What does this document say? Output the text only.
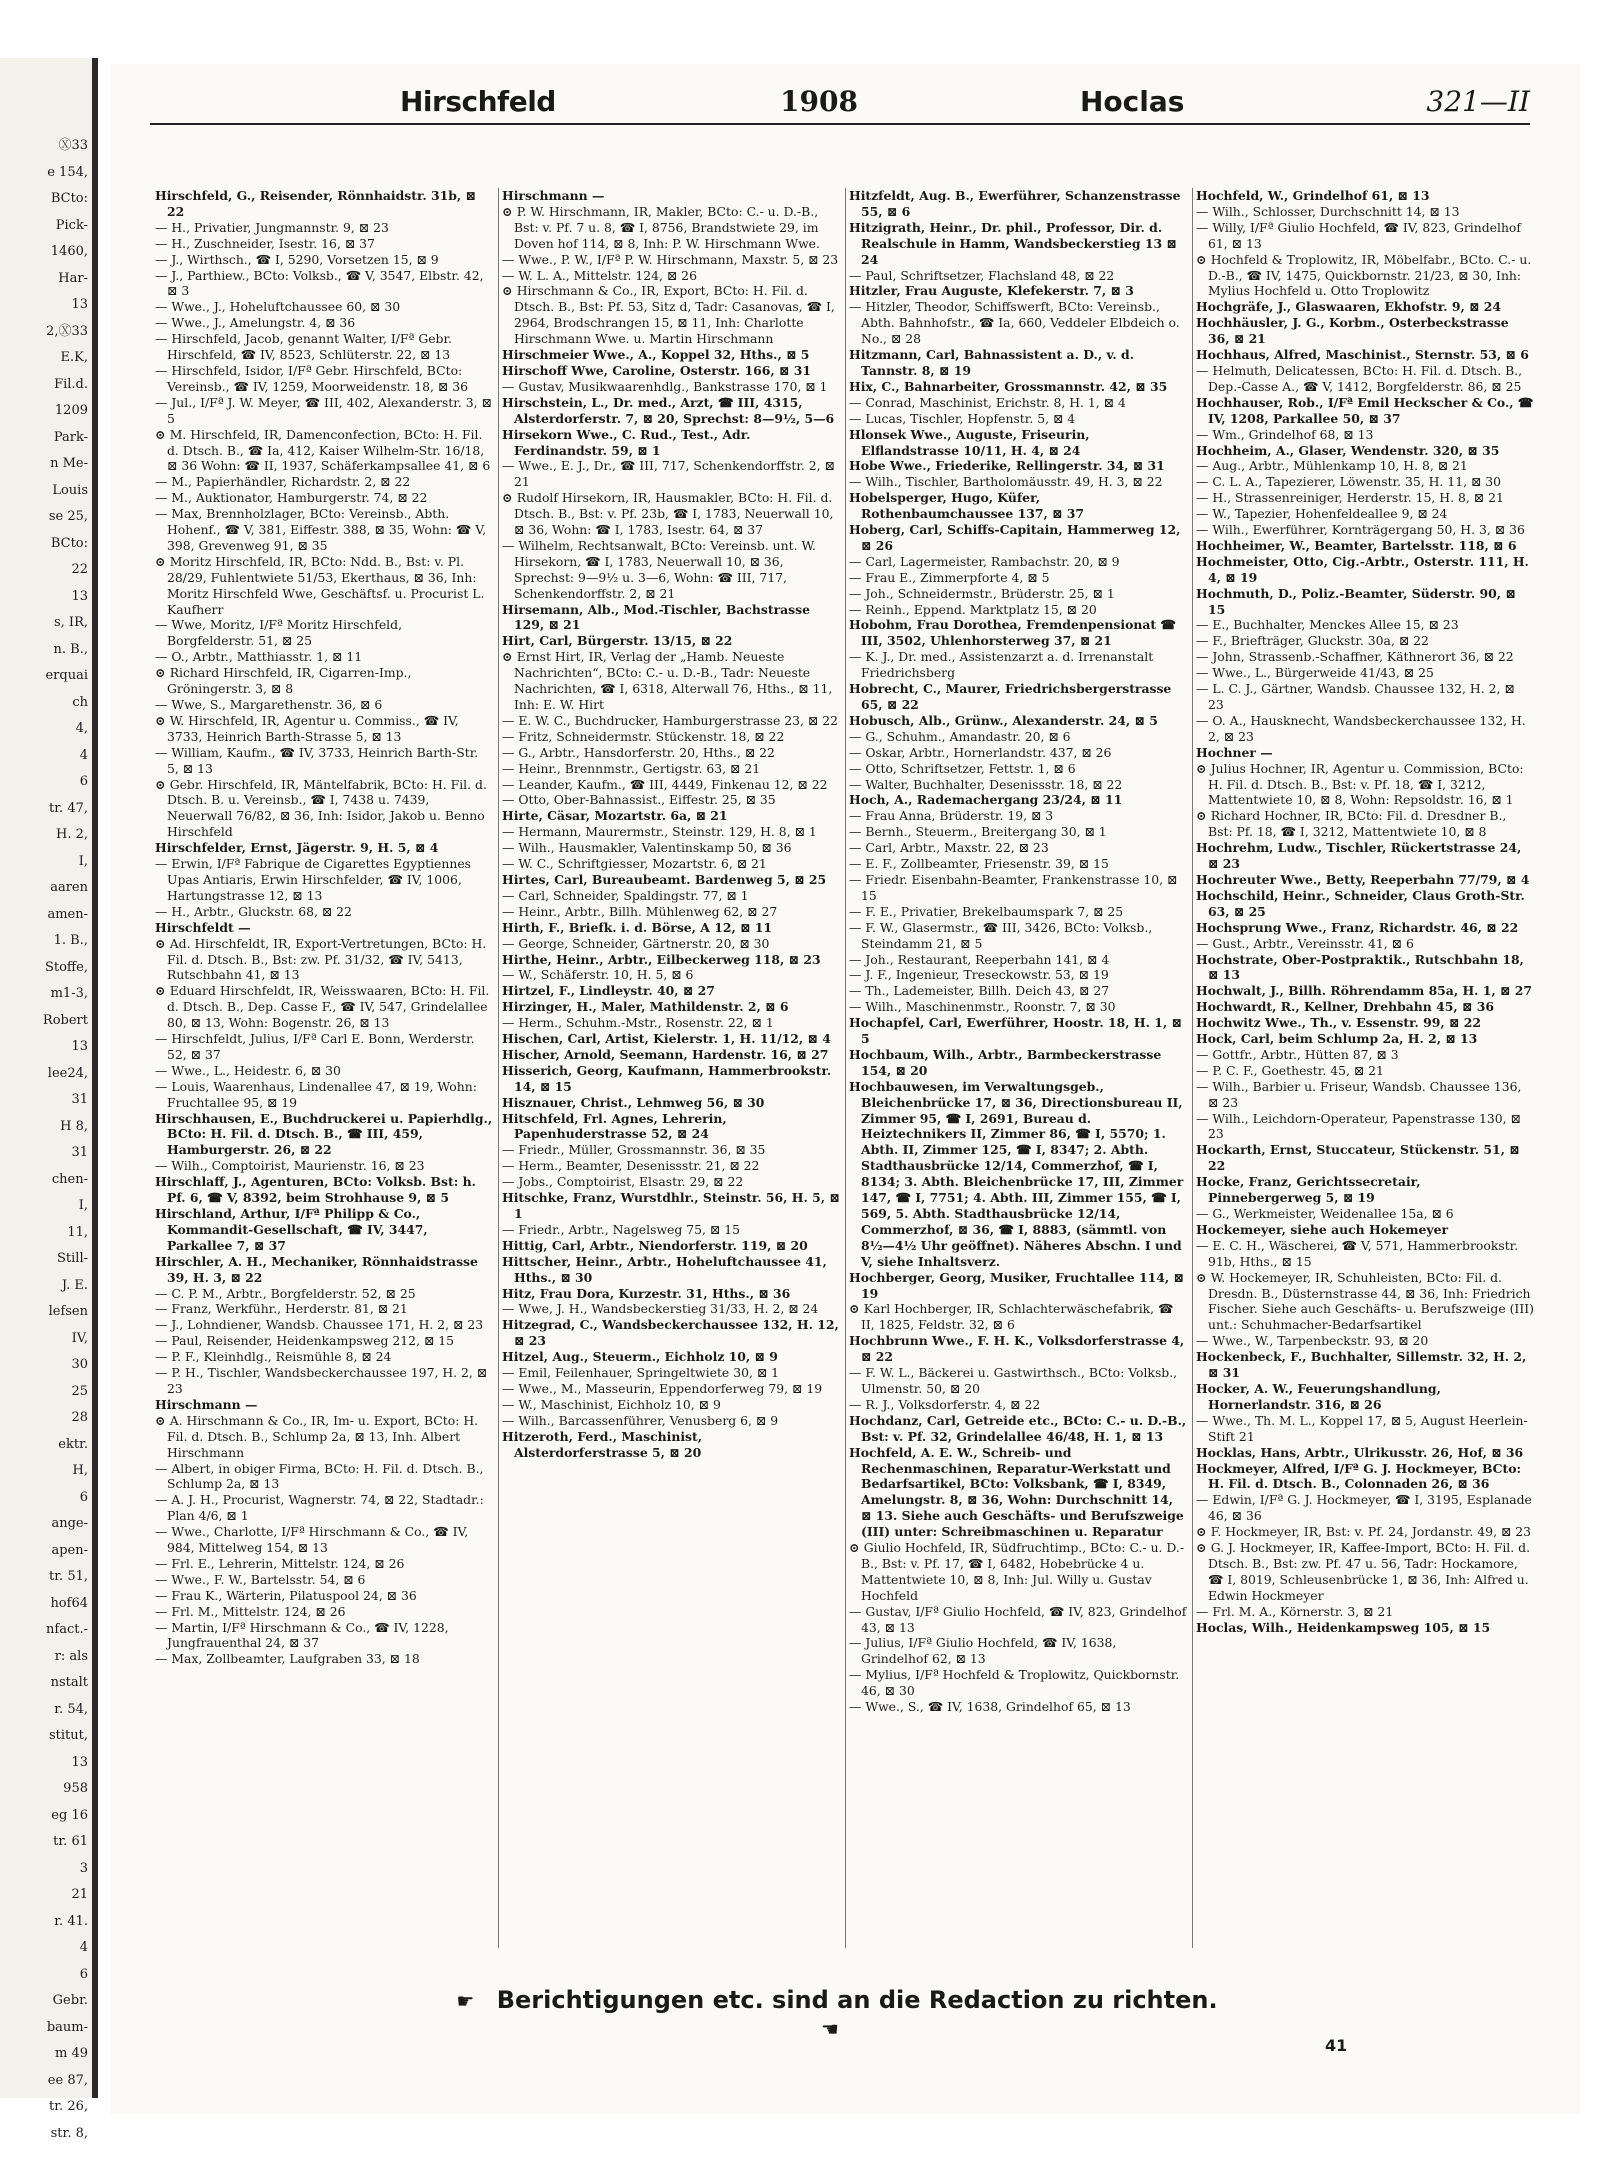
Ⓧ33
e 154,
BCto:
Pick-
1460,
Har-
13
2,Ⓧ33
E.K,
Fil.d.
1209
Park-
n Me-
Louis
se 25,
BCto:
22
13
s, IR,
n. B.,
erquai
ch
4,
4
6
tr. 47,
H. 2,
I,
aaren
amen-
1. B.,
Stoffe,
m1-3,
Robert
13
lee24,
31
H 8,
31
chen-
I,
11,
Still-
J. E.
lefsen
IV,
30
25
28
ektr.
H,
6
ange-
apen-
tr. 51,
hof64
nfact.-
r: als
nstalt
r. 54,
stitut,
13
958
eg 16
tr. 61
3
21
r. 41.
4
6
Gebr.
baum-
m 49
ee 87,
tr. 26,
str. 8,
Hirschfeld	1908	Hoclas	321—II
Hirschfeld, G., Reisender, Rönnhaidstr. 31b, ⊠ 22
— H., Privatier, Jungmannstr. 9, ⊠ 23
— H., Zuschneider, Isestr. 16, ⊠ 37
— J., Wirthsch., ☎ I, 5290, Vorsetzen 15, ⊠ 9
— J., Parthiew., BCto: Volksb., ☎ V, 3547, Elbstr. 42, ⊠ 3
— Wwe., J., Hoheluftchaussee 60, ⊠ 30
— Wwe., J., Amelungstr. 4, ⊠ 36
— Hirschfeld, Jacob, genannt Walter, I/Fª Gebr. Hirschfeld, ☎ IV, 8523, Schlüterstr. 22, ⊠ 13
— Hirschfeld, Isidor, I/Fª Gebr. Hirschfeld, BCto: Vereinsb., ☎ IV, 1259, Moorweidenstr. 18, ⊠ 36
— Jul., I/Fª J. W. Meyer, ☎ III, 402, Alexanderstr. 3, ⊠ 5
⊙ M. Hirschfeld, IR, Damenconfection, BCto: H. Fil. d. Dtsch. B., ☎ Ia, 412, Kaiser Wilhelm-Str. 16/18, ⊠ 36 Wohn: ☎ II, 1937, Schäferkampsallee 41, ⊠ 6
— M., Papierhändler, Richardstr. 2, ⊠ 22
— M., Auktionator, Hamburgerstr. 74, ⊠ 22
— Max, Brennholzlager, BCto: Vereinsb., Abth. Hohenf., ☎ V, 381, Eiffestr. 388, ⊠ 35, Wohn: ☎ V, 398, Grevenweg 91, ⊠ 35
⊙ Moritz Hirschfeld, IR, BCto: Ndd. B., Bst: v. Pl. 28/29, Fuhlentwiete 51/53, Ekerthaus, ⊠ 36, Inh: Moritz Hirschfeld Wwe, Geschäftsf. u. Procurist L. Kaufherr
— Wwe, Moritz, I/Fª Moritz Hirschfeld, Borgfelderstr. 51, ⊠ 25
— O., Arbtr., Matthiasstr. 1, ⊠ 11
⊙ Richard Hirschfeld, IR, Cigarren-Imp., Gröningerstr. 3, ⊠ 8
— Wwe, S., Margarethenstr. 36, ⊠ 6
⊙ W. Hirschfeld, IR, Agentur u. Commiss., ☎ IV, 3733, Heinrich Barth-Strasse 5, ⊠ 13
— William, Kaufm., ☎ IV, 3733, Heinrich Barth-Str. 5, ⊠ 13
⊙ Gebr. Hirschfeld, IR, Mäntelfabrik, BCto: H. Fil. d. Dtsch. B. u. Vereinsb., ☎ I, 7438 u. 7439, Neuerwall 76/82, ⊠ 36, Inh: Isidor, Jakob u. Benno Hirschfeld
Hirschfelder, Ernst, Jägerstr. 9, H. 5, ⊠ 4
— Erwin, I/Fª Fabrique de Cigarettes Egyptiennes Upas Antiaris, Erwin Hirschfelder, ☎ IV, 1006, Hartungstrasse 12, ⊠ 13
— H., Arbtr., Gluckstr. 68, ⊠ 22
Hirschfeldt —
⊙ Ad. Hirschfeldt, IR, Export-Vertretungen, BCto: H. Fil. d. Dtsch. B., Bst: zw. Pf. 31/32, ☎ IV, 5413, Rutschbahn 41, ⊠ 13
⊙ Eduard Hirschfeldt, IR, Weisswaaren, BCto: H. Fil. d. Dtsch. B., Dep. Casse F., ☎ IV, 547, Grindelallee 80, ⊠ 13, Wohn: Bogenstr. 26, ⊠ 13
— Hirschfeldt, Julius, I/Fª Carl E. Bonn, Werderstr. 52, ⊠ 37
— Wwe., L., Heidestr. 6, ⊠ 30
— Louis, Waarenhaus, Lindenallee 47, ⊠ 19, Wohn: Fruchtallee 95, ⊠ 19
Hirschhausen, E., Buchdruckerei u. Papierhdlg., BCto: H. Fil. d. Dtsch. B., ☎ III, 459, Hamburgerstr. 26, ⊠ 22
— Wilh., Comptoirist, Maurienstr. 16, ⊠ 23
Hirschlaff, J., Agenturen, BCto: Volksb. Bst: h. Pf. 6, ☎ V, 8392, beim Strohhause 9, ⊠ 5
Hirschland, Arthur, I/Fª Philipp & Co., Kommandit-Gesellschaft, ☎ IV, 3447, Parkallee 7, ⊠ 37
Hirschler, A. H., Mechaniker, Rönnhaidstrasse 39, H. 3, ⊠ 22
— C. P. M., Arbtr., Borgfelderstr. 52, ⊠ 25
— Franz, Werkführ., Herderstr. 81, ⊠ 21
— J., Lohndiener, Wandsb. Chaussee 171, H. 2, ⊠ 23
— Paul, Reisender, Heidenkampsweg 212, ⊠ 15
— P. F., Kleinhdlg., Reismühle 8, ⊠ 24
— P. H., Tischler, Wandsbeckerchaussee 197, H. 2, ⊠ 23
Hirschmann —
⊙ A. Hirschmann & Co., IR, Im- u. Export, BCto: H. Fil. d. Dtsch. B., Schlump 2a, ⊠ 13, Inh. Albert Hirschmann
— Albert, in obiger Firma, BCto: H. Fil. d. Dtsch. B., Schlump 2a, ⊠ 13
— A. J. H., Procurist, Wagnerstr. 74, ⊠ 22, Stadtadr.: Plan 4/6, ⊠ 1
— Wwe., Charlotte, I/Fª Hirschmann & Co., ☎ IV, 984, Mittelweg 154, ⊠ 13
— Frl. E., Lehrerin, Mittelstr. 124, ⊠ 26
— Wwe., F. W., Bartelsstr. 54, ⊠ 6
— Frau K., Wärterin, Pilatuspool 24, ⊠ 36
— Frl. M., Mittelstr. 124, ⊠ 26
— Martin, I/Fª Hirschmann & Co., ☎ IV, 1228, Jungfrauenthal 24, ⊠ 37
— Max, Zollbeamter, Laufgraben 33, ⊠ 18
Hirschmann —
⊙ P. W. Hirschmann, IR, Makler, BCto: C.- u. D.-B., Bst: v. Pf. 7 u. 8, ☎ I, 8756, Brandstwiete 29, im Doven hof 114, ⊠ 8, Inh: P. W. Hirschmann Wwe.
— Wwe., P. W., I/Fª P. W. Hirschmann, Maxstr. 5, ⊠ 23
— W. L. A., Mittelstr. 124, ⊠ 26
⊙ Hirschmann & Co., IR, Export, BCto: H. Fil. d. Dtsch. B., Bst: Pf. 53, Sitz d, Tadr: Casanovas, ☎ I, 2964, Brodschrangen 15, ⊠ 11, Inh: Charlotte Hirschmann Wwe. u. Martin Hirschmann
Hirschmeier Wwe., A., Koppel 32, Hths., ⊠ 5
Hirschoff Wwe, Caroline, Osterstr. 166, ⊠ 31
— Gustav, Musikwaarenhdlg., Bankstrasse 170, ⊠ 1
Hirschstein, L., Dr. med., Arzt, ☎ III, 4315, Alsterdorferstr. 7, ⊠ 20, Sprechst: 8—9½, 5—6
Hirsekorn Wwe., C. Rud., Test., Adr. Ferdinandstr. 59, ⊠ 1
— Wwe., E. J., Dr., ☎ III, 717, Schenkendorffstr. 2, ⊠ 21
⊙ Rudolf Hirsekorn, IR, Hausmakler, BCto: H. Fil. d. Dtsch. B., Bst: v. Pf. 23b, ☎ I, 1783, Neuerwall 10, ⊠ 36, Wohn: ☎ I, 1783, Isestr. 64, ⊠ 37
— Wilhelm, Rechtsanwalt, BCto: Vereinsb. unt. W. Hirsekorn, ☎ I, 1783, Neuerwall 10, ⊠ 36, Sprechst: 9—9½ u. 3—6, Wohn: ☎ III, 717, Schenkendorffstr. 2, ⊠ 21
Hirsemann, Alb., Mod.-Tischler, Bachstrasse 129, ⊠ 21
Hirt, Carl, Bürgerstr. 13/15, ⊠ 22
⊙ Ernst Hirt, IR, Verlag der „Hamb. Neueste Nachrichten“, BCto: C.- u. D.-B., Tadr: Neueste Nachrichten, ☎ I, 6318, Alterwall 76, Hths., ⊠ 11, Inh: E. W. Hirt
— E. W. C., Buchdrucker, Hamburgerstrasse 23, ⊠ 22
— Fritz, Schneidermstr. Stückenstr. 18, ⊠ 22
— G., Arbtr., Hansdorferstr. 20, Hths., ⊠ 22
— Heinr., Brennmstr., Gertigstr. 63, ⊠ 21
— Leander, Kaufm., ☎ III, 4449, Finkenau 12, ⊠ 22
— Otto, Ober-Bahnassist., Eiffestr. 25, ⊠ 35
Hirte, Cäsar, Mozartstr. 6a, ⊠ 21
— Hermann, Maurermstr., Steinstr. 129, H. 8, ⊠ 1
— Wilh., Hausmakler, Valentinskamp 50, ⊠ 36
— W. C., Schriftgiesser, Mozartstr. 6, ⊠ 21
Hirtes, Carl, Bureaubeamt. Bardenweg 5, ⊠ 25
— Carl, Schneider, Spaldingstr. 77, ⊠ 1
— Heinr., Arbtr., Billh. Mühlenweg 62, ⊠ 27
Hirth, F., Briefk. i. d. Börse, A 12, ⊠ 11
— George, Schneider, Gärtnerstr. 20, ⊠ 30
Hirthe, Heinr., Arbtr., Eilbeckerweg 118, ⊠ 23
— W., Schäferstr. 10, H. 5, ⊠ 6
Hirtzel, F., Lindleystr. 40, ⊠ 27
Hirzinger, H., Maler, Mathildenstr. 2, ⊠ 6
— Herm., Schuhm.-Mstr., Rosenstr. 22, ⊠ 1
Hischen, Carl, Artist, Kielerstr. 1, H. 11/12, ⊠ 4
Hischer, Arnold, Seemann, Hardenstr. 16, ⊠ 27
Hisserich, Georg, Kaufmann, Hammerbrookstr. 14, ⊠ 15
Hisznauer, Christ., Lehmweg 56, ⊠ 30
Hitschfeld, Frl. Agnes, Lehrerin, Papenhuderstrasse 52, ⊠ 24
— Friedr., Müller, Grossmannstr. 36, ⊠ 35
— Herm., Beamter, Desenissstr. 21, ⊠ 22
— Jobs., Comptoirist, Elsastr. 29, ⊠ 22
Hitschke, Franz, Wurstdhlr., Steinstr. 56, H. 5, ⊠ 1
— Friedr., Arbtr., Nagelsweg 75, ⊠ 15
Hittig, Carl, Arbtr., Niendorferstr. 119, ⊠ 20
Hittscher, Heinr., Arbtr., Hoheluftchaussee 41, Hths., ⊠ 30
Hitz, Frau Dora, Kurzestr. 31, Hths., ⊠ 36
— Wwe, J. H., Wandsbeckerstieg 31/33, H. 2, ⊠ 24
Hitzegrad, C., Wandsbeckerchaussee 132, H. 12, ⊠ 23
Hitzel, Aug., Steuerm., Eichholz 10, ⊠ 9
— Emil, Feilenhauer, Springeltwiete 30, ⊠ 1
— Wwe., M., Masseurin, Eppendorferweg 79, ⊠ 19
— W., Maschinist, Eichholz 10, ⊠ 9
— Wilh., Barcassenführer, Venusberg 6, ⊠ 9
Hitzeroth, Ferd., Maschinist, Alsterdorferstrasse 5, ⊠ 20
Hitzfeldt, Aug. B., Ewerführer, Schanzenstrasse 55, ⊠ 6
Hitzigrath, Heinr., Dr. phil., Professor, Dir. d. Realschule in Hamm, Wandsbeckerstieg 13 ⊠ 24
— Paul, Schriftsetzer, Flachsland 48, ⊠ 22
Hitzler, Frau Auguste, Klefekerstr. 7, ⊠ 3
— Hitzler, Theodor, Schiffswerft, BCto: Vereinsb., Abth. Bahnhofstr., ☎ Ia, 660, Veddeler Elbdeich o. No., ⊠ 28
Hitzmann, Carl, Bahnassistent a. D., v. d. Tannstr. 8, ⊠ 19
Hix, C., Bahnarbeiter, Grossmannstr. 42, ⊠ 35
— Conrad, Maschinist, Erichstr. 8, H. 1, ⊠ 4
— Lucas, Tischler, Hopfenstr. 5, ⊠ 4
Hlonsek Wwe., Auguste, Friseurin, Elflandstrasse 10/11, H. 4, ⊠ 24
Hobe Wwe., Friederike, Rellingerstr. 34, ⊠ 31
— Wilh., Tischler, Bartholomäusstr. 49, H. 3, ⊠ 22
Hobelsperger, Hugo, Küfer, Rothenbaumchaussee 137, ⊠ 37
Hoberg, Carl, Schiffs-Capitain, Hammerweg 12, ⊠ 26
— Carl, Lagermeister, Rambachstr. 20, ⊠ 9
— Frau E., Zimmerpforte 4, ⊠ 5
— Joh., Schneidermstr., Brüderstr. 25, ⊠ 1
— Reinh., Eppend. Marktplatz 15, ⊠ 20
Hobohm, Frau Dorothea, Fremdenpensionat ☎ III, 3502, Uhlenhorsterweg 37, ⊠ 21
— K. J., Dr. med., Assistenzarzt a. d. Irrenanstalt Friedrichsberg
Hobrecht, C., Maurer, Friedrichsbergerstrasse 65, ⊠ 22
Hobusch, Alb., Grünw., Alexanderstr. 24, ⊠ 5
— G., Schuhm., Amandastr. 20, ⊠ 6
— Oskar, Arbtr., Hornerlandstr. 437, ⊠ 26
— Otto, Schriftsetzer, Fettstr. 1, ⊠ 6
— Walter, Buchhalter, Desenissstr. 18, ⊠ 22
Hoch, A., Rademachergang 23/24, ⊠ 11
— Frau Anna, Brüderstr. 19, ⊠ 3
— Bernh., Steuerm., Breitergang 30, ⊠ 1
— Carl, Arbtr., Maxstr. 22, ⊠ 23
— E. F., Zollbeamter, Friesenstr. 39, ⊠ 15
— Friedr. Eisenbahn-Beamter, Frankenstrasse 10, ⊠ 15
— F. E., Privatier, Brekelbaumspark 7, ⊠ 25
— F. W., Glasermstr., ☎ III, 3426, BCto: Volksb., Steindamm 21, ⊠ 5
— Joh., Restaurant, Reeperbahn 141, ⊠ 4
— J. F., Ingenieur, Treseckowstr. 53, ⊠ 19
— Th., Lademeister, Billh. Deich 43, ⊠ 27
— Wilh., Maschinenmstr., Roonstr. 7, ⊠ 30
Hochapfel, Carl, Ewerführer, Hoostr. 18, H. 1, ⊠ 5
Hochbaum, Wilh., Arbtr., Barmbeckerstrasse 154, ⊠ 20
Hochbauwesen, im Verwaltungsgeb., Bleichenbrücke 17, ⊠ 36, Directionsbureau II, Zimmer 95, ☎ I, 2691, Bureau d. Heiztechnikers II, Zimmer 86, ☎ I, 5570; 1. Abth. II, Zimmer 125, ☎ I, 8347; 2. Abth. Stadthausbrücke 12/14, Commerzhof, ☎ I, 8134; 3. Abth. Bleichenbrücke 17, III, Zimmer 147, ☎ I, 7751; 4. Abth. III, Zimmer 155, ☎ I, 569, 5. Abth. Stadthausbrücke 12/14, Commerzhof, ⊠ 36, ☎ I, 8883, (sämmtl. von 8½—4½ Uhr geöffnet). Näheres Abschn. I und V, siehe Inhaltsverz.
Hochberger, Georg, Musiker, Fruchtallee 114, ⊠ 19
⊙ Karl Hochberger, IR, Schlachterwäschefabrik, ☎ II, 1825, Feldstr. 32, ⊠ 6
Hochbrunn Wwe., F. H. K., Volksdorferstrasse 4, ⊠ 22
— F. W. L., Bäckerei u. Gastwirthsch., BCto: Volksb., Ulmenstr. 50, ⊠ 20
— R. J., Volksdorferstr. 4, ⊠ 22
Hochdanz, Carl, Getreide etc., BCto: C.- u. D.-B., Bst: v. Pf. 32, Grindelallee 46/48, H. 1, ⊠ 13
Hochfeld, A. E. W., Schreib- und Rechenmaschinen, Reparatur-Werkstatt und Bedarfsartikel, BCto: Volksbank, ☎ I, 8349, Amelungstr. 8, ⊠ 36, Wohn: Durchschnitt 14, ⊠ 13. Siehe auch Geschäfts- und Berufszweige (III) unter: Schreibmaschinen u. Reparatur
⊙ Giulio Hochfeld, IR, Südfruchtimp., BCto: C.- u. D.-B., Bst: v. Pf. 17, ☎ I, 6482, Hobebrücke 4 u. Mattentwiete 10, ⊠ 8, Inh: Jul. Willy u. Gustav Hochfeld
— Gustav, I/Fª Giulio Hochfeld, ☎ IV, 823, Grindelhof 43, ⊠ 13
— Julius, I/Fª Giulio Hochfeld, ☎ IV, 1638, Grindelhof 62, ⊠ 13
— Mylius, I/Fª Hochfeld & Troplowitz, Quickbornstr. 46, ⊠ 30
— Wwe., S., ☎ IV, 1638, Grindelhof 65, ⊠ 13
Hochfeld, W., Grindelhof 61, ⊠ 13
— Wilh., Schlosser, Durchschnitt 14, ⊠ 13
— Willy, I/Fª Giulio Hochfeld, ☎ IV, 823, Grindelhof 61, ⊠ 13
⊙ Hochfeld & Troplowitz, IR, Möbelfabr., BCto. C.- u. D.-B., ☎ IV, 1475, Quickbornstr. 21/23, ⊠ 30, Inh: Mylius Hochfeld u. Otto Troplowitz
Hochgräfe, J., Glaswaaren, Ekhofstr. 9, ⊠ 24
Hochhäusler, J. G., Korbm., Osterbeckstrasse 36, ⊠ 21
Hochhaus, Alfred, Maschinist., Sternstr. 53, ⊠ 6
— Helmuth, Delicatessen, BCto: H. Fil. d. Dtsch. B., Dep.-Casse A., ☎ V, 1412, Borgfelderstr. 86, ⊠ 25
Hochhauser, Rob., I/Fª Emil Heckscher & Co., ☎ IV, 1208, Parkallee 50, ⊠ 37
— Wm., Grindelhof 68, ⊠ 13
Hochheim, A., Glaser, Wendenstr. 320, ⊠ 35
— Aug., Arbtr., Mühlenkamp 10, H. 8, ⊠ 21
— C. L. A., Tapezierer, Löwenstr. 35, H. 11, ⊠ 30
— H., Strassenreiniger, Herderstr. 15, H. 8, ⊠ 21
— W., Tapezier, Hohenfeldeallee 9, ⊠ 24
— Wilh., Ewerführer, Kornträgergang 50, H. 3, ⊠ 36
Hochheimer, W., Beamter, Bartelsstr. 118, ⊠ 6
Hochmeister, Otto, Cig.-Arbtr., Osterstr. 111, H. 4, ⊠ 19
Hochmuth, D., Poliz.-Beamter, Süderstr. 90, ⊠ 15
— E., Buchhalter, Menckes Allee 15, ⊠ 23
— F., Briefträger, Gluckstr. 30a, ⊠ 22
— John, Strassenb.-Schaffner, Käthnerort 36, ⊠ 22
— Wwe., L., Bürgerweide 41/43, ⊠ 25
— L. C. J., Gärtner, Wandsb. Chaussee 132, H. 2, ⊠ 23
— O. A., Hausknecht, Wandsbeckerchaussee 132, H. 2, ⊠ 23
Hochner —
⊙ Julius Hochner, IR, Agentur u. Commission, BCto: H. Fil. d. Dtsch. B., Bst: v. Pf. 18, ☎ I, 3212, Mattentwiete 10, ⊠ 8, Wohn: Repsoldstr. 16, ⊠ 1
⊙ Richard Hochner, IR, BCto: Fil. d. Dresdner B., Bst: Pf. 18, ☎ I, 3212, Mattentwiete 10, ⊠ 8
Hochrehm, Ludw., Tischler, Rückertstrasse 24, ⊠ 23
Hochreuter Wwe., Betty, Reeperbahn 77/79, ⊠ 4
Hochschild, Heinr., Schneider, Claus Groth-Str. 63, ⊠ 25
Hochsprung Wwe., Franz, Richardstr. 46, ⊠ 22
— Gust., Arbtr., Vereinsstr. 41, ⊠ 6
Hochstrate, Ober-Postpraktik., Rutschbahn 18, ⊠ 13
Hochwalt, J., Billh. Röhrendamm 85a, H. 1, ⊠ 27
Hochwardt, R., Kellner, Drehbahn 45, ⊠ 36
Hochwitz Wwe., Th., v. Essenstr. 99, ⊠ 22
Hock, Carl, beim Schlump 2a, H. 2, ⊠ 13
— Gottfr., Arbtr., Hütten 87, ⊠ 3
— P. C. F., Goethestr. 45, ⊠ 21
— Wilh., Barbier u. Friseur, Wandsb. Chaussee 136, ⊠ 23
— Wilh., Leichdorn-Operateur, Papenstrasse 130, ⊠ 23
Hockarth, Ernst, Stuccateur, Stückenstr. 51, ⊠ 22
Hocke, Franz, Gerichtssecretair, Pinnebergerweg 5, ⊠ 19
— G., Werkmeister, Weidenallee 15a, ⊠ 6
Hockemeyer, siehe auch Hokemeyer
— E. C. H., Wäscherei, ☎ V, 571, Hammerbrookstr. 91b, Hths., ⊠ 15
⊙ W. Hockemeyer, IR, Schuhleisten, BCto: Fil. d. Dresdn. B., Düsternstrasse 44, ⊠ 36, Inh: Friedrich Fischer. Siehe auch Geschäfts- u. Berufszweige (III) unt.: Schuhmacher-Bedarfsartikel
— Wwe., W., Tarpenbeckstr. 93, ⊠ 20
Hockenbeck, F., Buchhalter, Sillemstr. 32, H. 2, ⊠ 31
Hocker, A. W., Feuerungshandlung, Hornerlandstr. 316, ⊠ 26
— Wwe., Th. M. L., Koppel 17, ⊠ 5, August Heerlein-Stift 21
Hocklas, Hans, Arbtr., Ulrikusstr. 26, Hof, ⊠ 36
Hockmeyer, Alfred, I/Fª G. J. Hockmeyer, BCto: H. Fil. d. Dtsch. B., Colonnaden 26, ⊠ 36
— Edwin, I/Fª G. J. Hockmeyer, ☎ I, 3195, Esplanade 46, ⊠ 36
⊙ F. Hockmeyer, IR, Bst: v. Pf. 24, Jordanstr. 49, ⊠ 23
⊙ G. J. Hockmeyer, IR, Kaffee-Import, BCto: H. Fil. d. Dtsch. B., Bst: zw. Pf. 47 u. 56, Tadr: Hockamore, ☎ I, 8019, Schleusenbrücke 1, ⊠ 36, Inh: Alfred u. Edwin Hockmeyer
— Frl. M. A., Körnerstr. 3, ⊠ 21
Hoclas, Wilh., Heidenkampsweg 105, ⊠ 15
☛ Berichtigungen etc. sind an die Redaction zu richten. ☚
41
